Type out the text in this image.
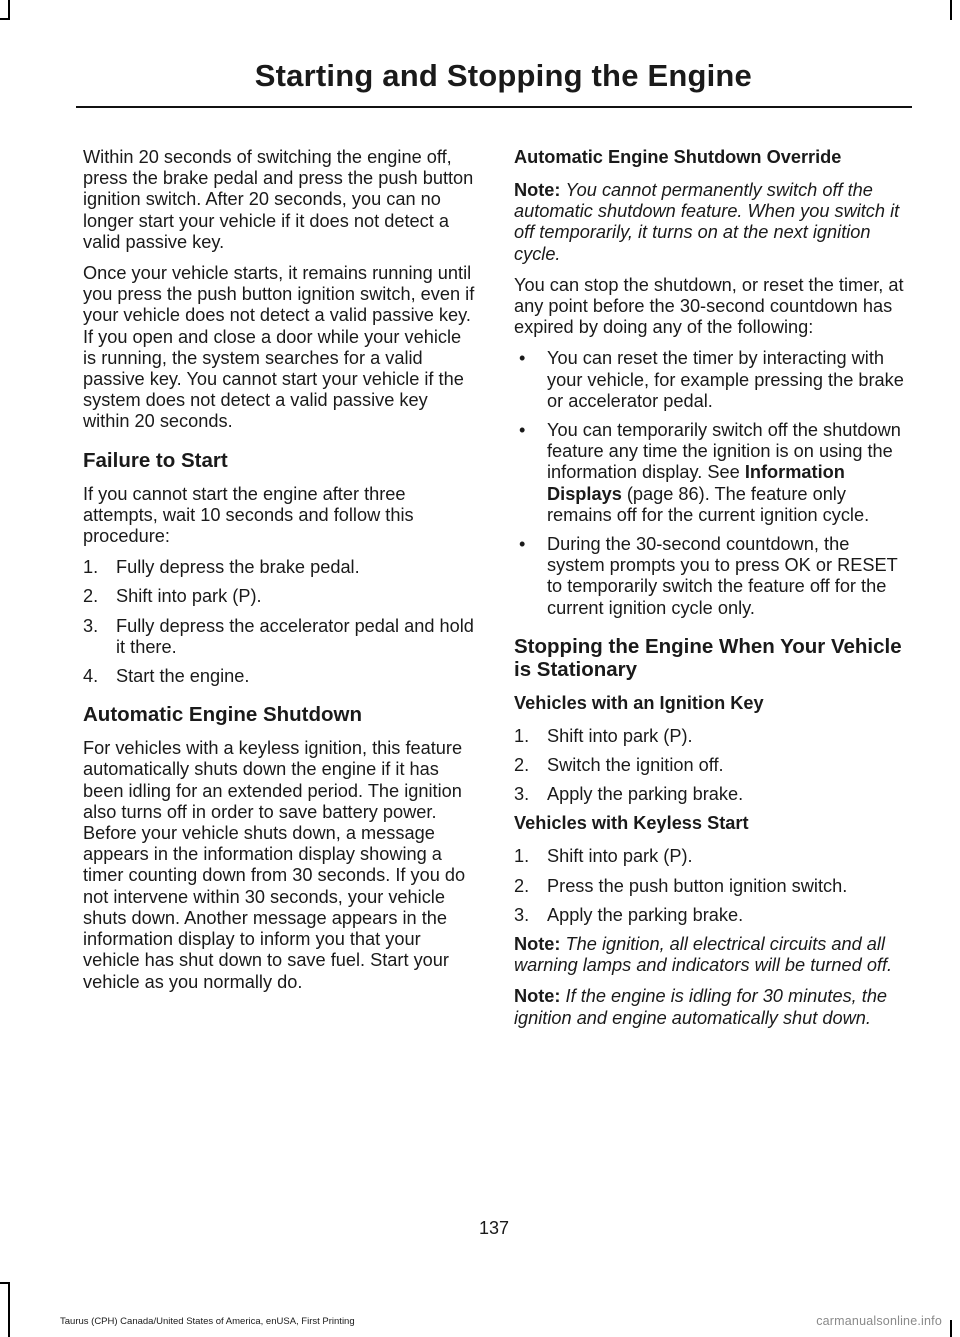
Starting and Stopping the Engine

Within 20 seconds of switching the engine off, press the brake pedal and press the push button ignition switch. After 20 seconds, you can no longer start your vehicle if it does not detect a valid passive key.

Once your vehicle starts, it remains running until you press the push button ignition switch, even if your vehicle does not detect a valid passive key. If you open and close a door while your vehicle is running, the system searches for a valid passive key. You cannot start your vehicle if the system does not detect a valid passive key within 20 seconds.

Failure to Start

If you cannot start the engine after three attempts, wait 10 seconds and follow this procedure:

1. Fully depress the brake pedal.
2. Shift into park (P).
3. Fully depress the accelerator pedal and hold it there.
4. Start the engine.
Automatic Engine Shutdown

For vehicles with a keyless ignition, this feature automatically shuts down the engine if it has been idling for an extended period. The ignition also turns off in order to save battery power. Before your vehicle shuts down, a message appears in the information display showing a timer counting down from 30 seconds. If you do not intervene within 30 seconds, your vehicle shuts down. Another message appears in the information display to inform you that your vehicle has shut down to save fuel. Start your vehicle as you normally do.

Automatic Engine Shutdown Override

Note: You cannot permanently switch off the automatic shutdown feature. When you switch it off temporarily, it turns on at the next ignition cycle.

You can stop the shutdown, or reset the timer, at any point before the 30-second countdown has expired by doing any of the following:

• You can reset the timer by interacting with your vehicle, for example pressing the brake or accelerator pedal.
• You can temporarily switch off the shutdown feature any time the ignition is on using the information display. See Information Displays (page 86). The feature only remains off for the current ignition cycle.
• During the 30-second countdown, the system prompts you to press OK or RESET to temporarily switch the feature off for the current ignition cycle only.
Stopping the Engine When Your Vehicle is Stationary
Vehicles with an Ignition Key
1. Shift into park (P).
2. Switch the ignition off.
3. Apply the parking brake.
Vehicles with Keyless Start
1. Shift into park (P).
2. Press the push button ignition switch.
3. Apply the parking brake.

Note: The ignition, all electrical circuits and all warning lamps and indicators will be turned off.

Note: If the engine is idling for 30 minutes, the ignition and engine automatically shut down.

137
Taurus (CPH) Canada/United States of America, enUSA, First Printing	carmanualsonline.info
